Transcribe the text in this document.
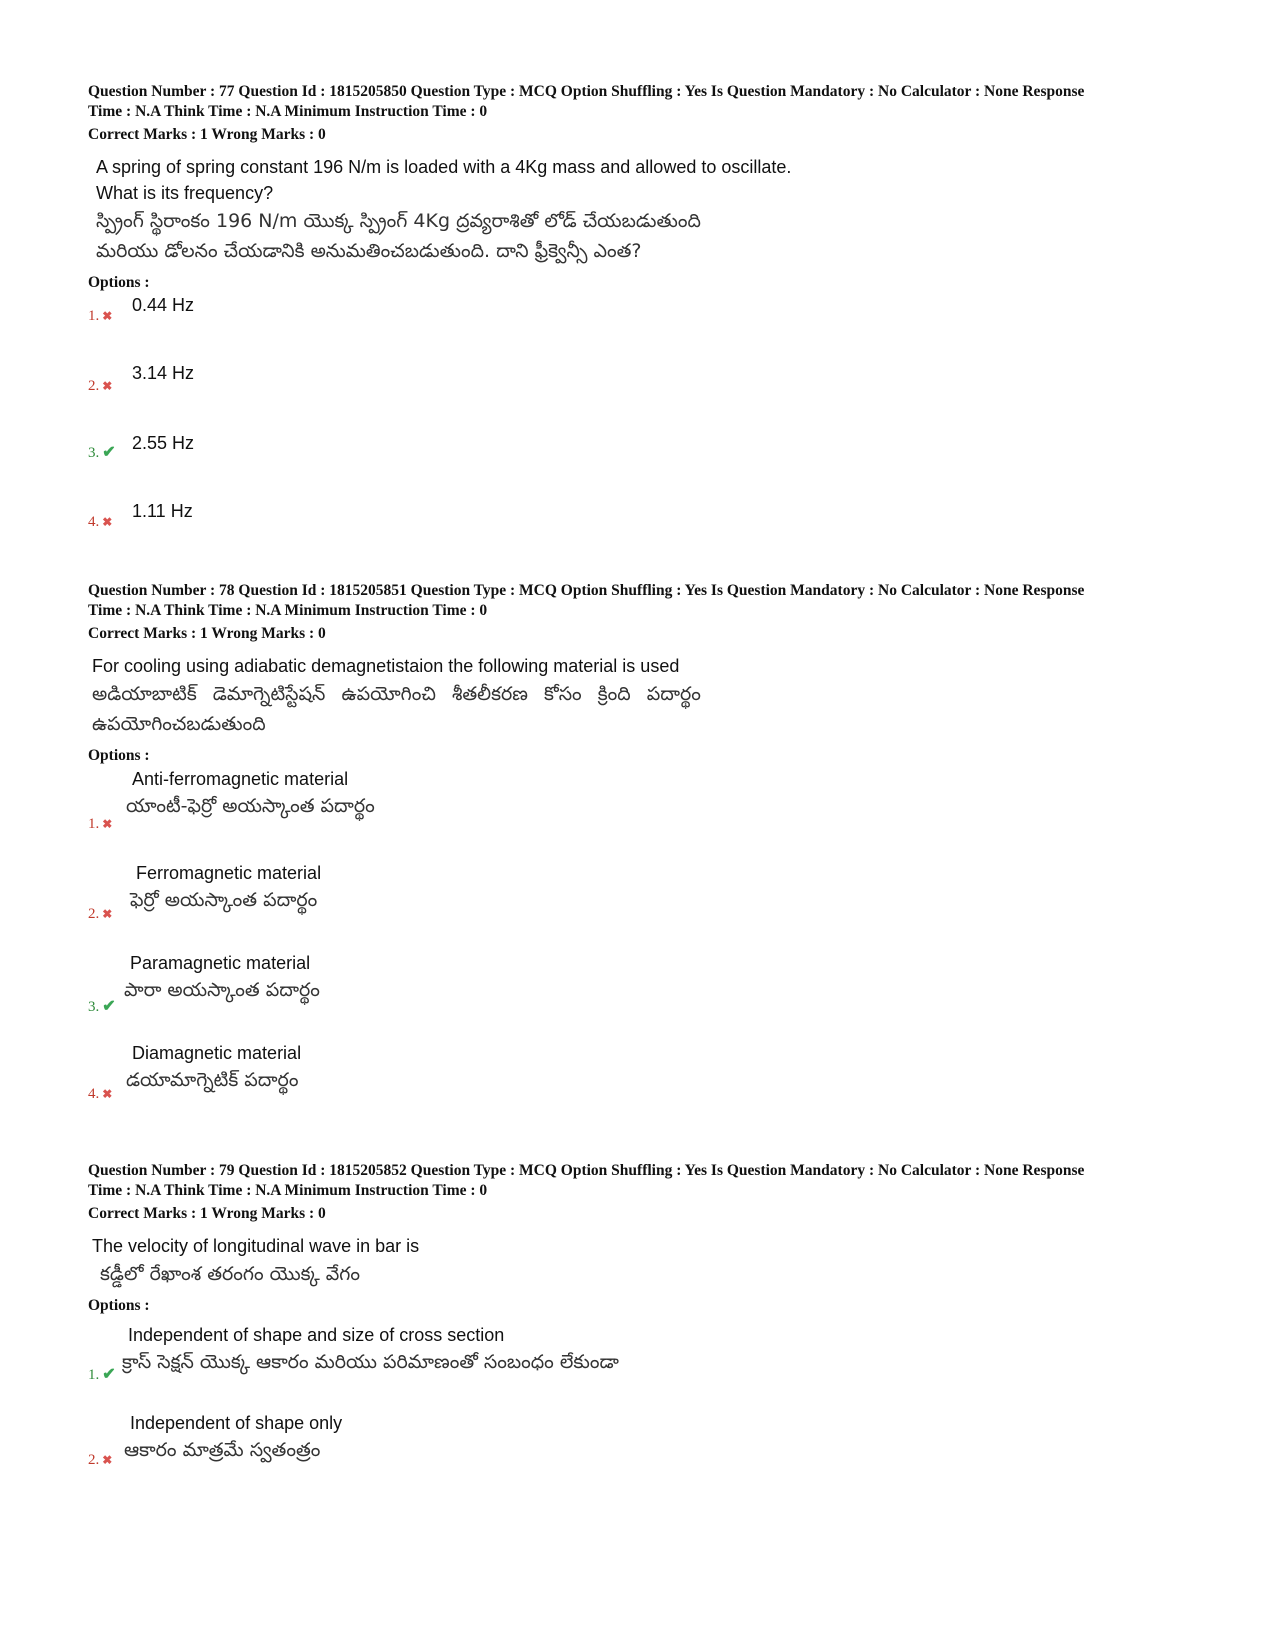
Question Number : 77 Question Id : 1815205850 Question Type : MCQ Option Shuffling : Yes Is Question Mandatory : No Calculator : None Response
Time : N.A Think Time : N.A Minimum Instruction Time : 0
Correct Marks : 1 Wrong Marks : 0
A spring of spring constant 196 N/m is loaded with a 4Kg mass and allowed to oscillate.
What is its frequency?
స్ప్రింగ్ స్థిరాంకం 196 N/m యొక్క స్ప్రింగ్ 4Kg ద్రవ్యరాశితో లోడ్ చేయబడుతుంది
మరియు డోలనం చేయడానికి అనుమతించబడుతుంది. దాని ఫ్రీక్వెన్సీ ఎంత?
Options :
0.44 Hz
1. ✖
3.14 Hz
2. ✖
2.55 Hz
3. ✔
1.11 Hz
4. ✖
Question Number : 78 Question Id : 1815205851 Question Type : MCQ Option Shuffling : Yes Is Question Mandatory : No Calculator : None Response
Time : N.A Think Time : N.A Minimum Instruction Time : 0
Correct Marks : 1 Wrong Marks : 0
For cooling using adiabatic demagnetistaion the following material is used
అడియాబాటిక్ డెమాగ్నెటిస్టేషన్ ఉపయోగించి శీతలీకరణ కోసం క్రింది పదార్థం
ఉపయోగించబడుతుంది
Options :
Anti-ferromagnetic material
యాంటీ-ఫెర్రో అయస్కాంత పదార్థం
1. ✖
Ferromagnetic material
ఫెర్రో అయస్కాంత పదార్థం
2. ✖
Paramagnetic material
పారా అయస్కాంత పదార్థం
3. ✔
Diamagnetic material
డయామాగ్నెటిక్ పదార్థం
4. ✖
Question Number : 79 Question Id : 1815205852 Question Type : MCQ Option Shuffling : Yes Is Question Mandatory : No Calculator : None Response
Time : N.A Think Time : N.A Minimum Instruction Time : 0
Correct Marks : 1 Wrong Marks : 0
The velocity of longitudinal wave in bar is
కడ్డీలో రేఖాంశ తరంగం యొక్క వేగం
Options :
Independent of shape and size of cross section
క్రాస్ సెక్షన్ యొక్క ఆకారం మరియు పరిమాణంతో సంబంధం లేకుండా
1. ✔
Independent of shape only
ఆకారం మాత్రమే స్వతంత్రం
2. ✖
